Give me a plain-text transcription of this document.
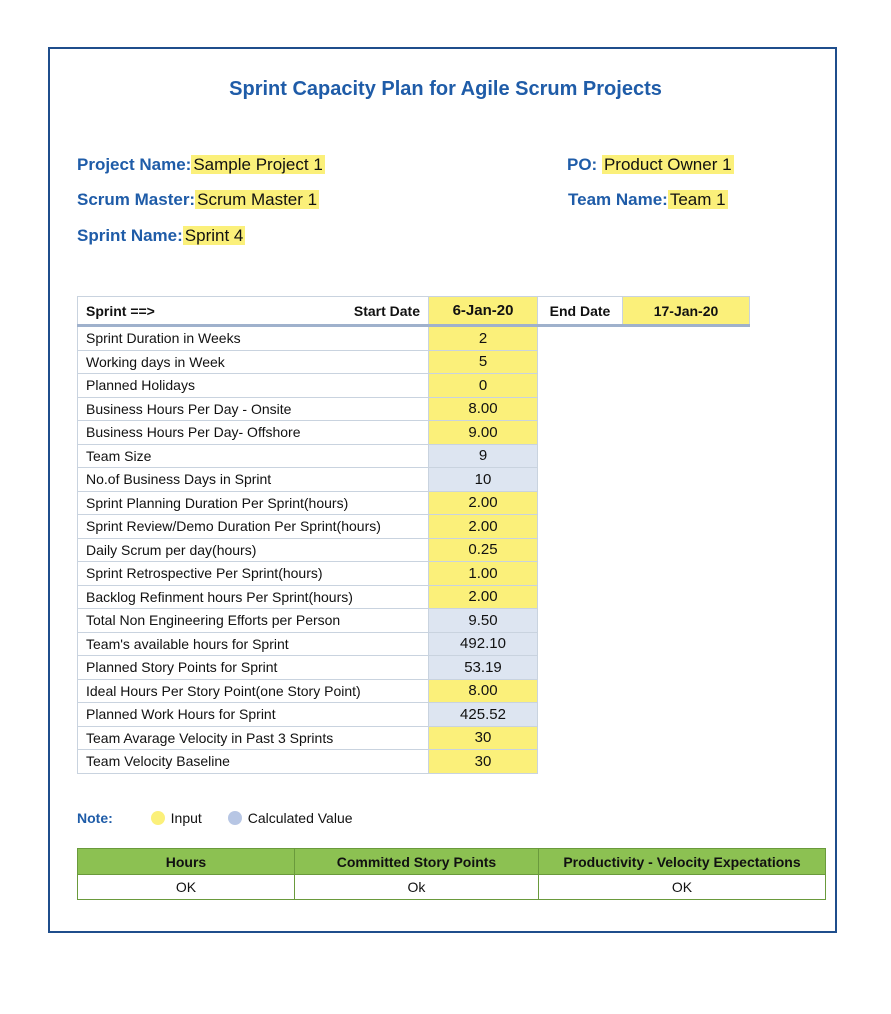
Sprint Capacity Plan for Agile Scrum Projects
Project Name: Sample Project 1	PO: Product Owner 1
Scrum Master: Scrum Master 1	Team Name: Team 1
Sprint Name: Sprint 4
Sprint ==> Start Date	6-Jan-20	End Date	17-Jan-20
Sprint Duration in Weeks	2		
Working days in Week	5		
Planned Holidays	0		
Business Hours Per Day - Onsite	8.00		
Business Hours Per Day- Offshore	9.00		
Team Size	9		
No.of Business Days in Sprint	10		
Sprint Planning Duration Per Sprint(hours)	2.00		
Sprint Review/Demo Duration Per Sprint(hours)	2.00		
Daily Scrum per day(hours)	0.25		
Sprint Retrospective Per Sprint(hours)	1.00		
Backlog Refinment hours Per Sprint(hours)	2.00		
Total Non Engineering Efforts per Person	9.50		
Team's available hours for Sprint	492.10		
Planned Story Points for Sprint	53.19		
Ideal Hours Per Story Point(one Story Point)	8.00		
Planned Work Hours for Sprint	425.52		
Team Avarage Velocity in Past 3 Sprints	30		
Team Velocity Baseline	30		
Note:	Input	Calculated Value
Hours	Committed Story Points	Productivity - Velocity Expectations
OK	Ok	OK
